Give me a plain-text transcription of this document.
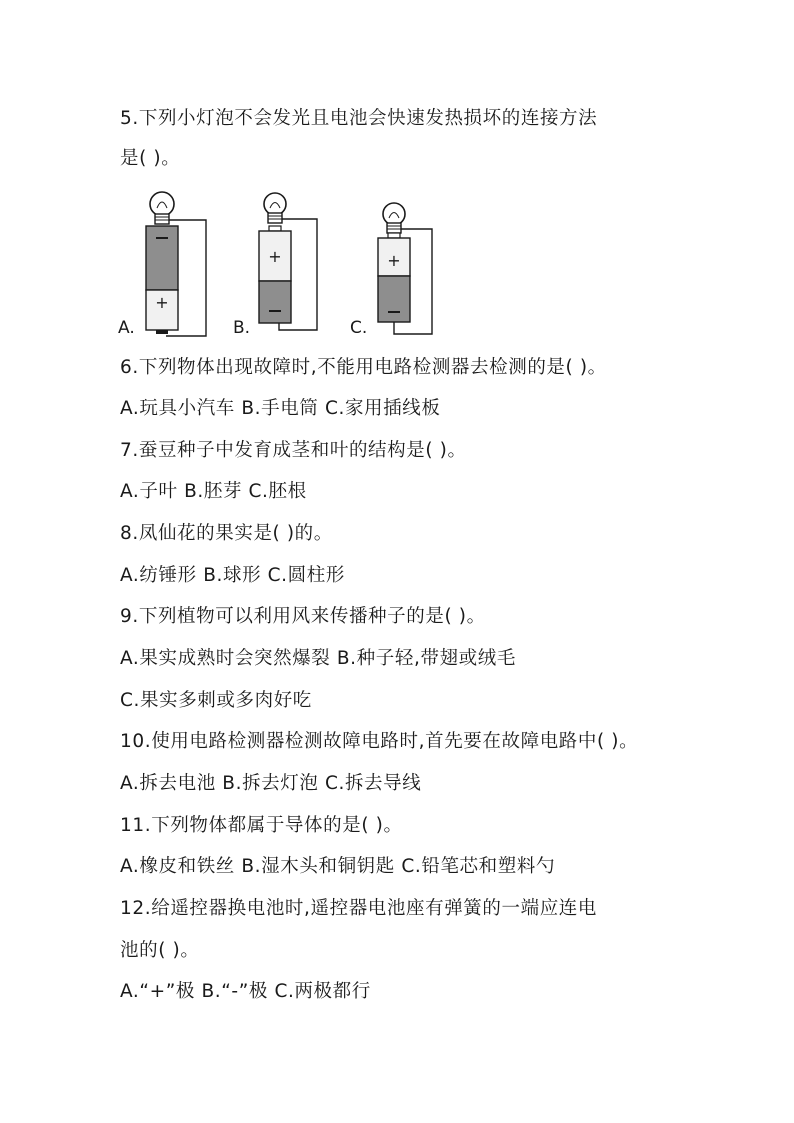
5.下列小灯泡不会发光且电池会快速发热损坏的连接方法
是( )。
A.
+
B.
+
C.
+
6.下列物体出现故障时,不能用电路检测器去检测的是( )。
A.玩具小汽车 B.手电筒 C.家用插线板
7.蚕豆种子中发育成茎和叶的结构是( )。
A.子叶 B.胚芽 C.胚根
8.凤仙花的果实是( )的。
A.纺锤形 B.球形 C.圆柱形
9.下列植物可以利用风来传播种子的是( )。
A.果实成熟时会突然爆裂 B.种子轻,带翅或绒毛
C.果实多刺或多肉好吃
10.使用电路检测器检测故障电路时,首先要在故障电路中( )。
A.拆去电池 B.拆去灯泡 C.拆去导线
11.下列物体都属于导体的是( )。
A.橡皮和铁丝 B.湿木头和铜钥匙 C.铅笔芯和塑料勺
12.给遥控器换电池时,遥控器电池座有弹簧的一端应连电
池的( )。
A.“+”极 B.“-”极 C.两极都行
